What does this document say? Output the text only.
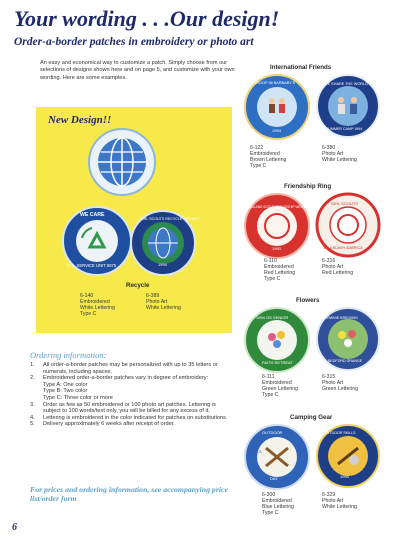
Your wording . . .Our design!
Order-a-border patches in embroidery or photo art
An easy and economical way to customize a patch. Simply choose from our selections of designs shown here and on page 5, and customize with your own wording. Here are some examples.
New Design!!
WE CARE
G.S. SERVICE UNIT 6875
GIRL SCOUTS RECYCLE PROJECT
1994
Recycle
6-140
Embroidered
White Lettering
Type C
6-389
Photo Art
White Lettering
International Friends
TROOP 36 BARNABY'S
1994
WE SHARE THE WORLD
SUMMER CAMP 1994
6-122
Embroidered
Brown Lettering
Type C
6-380
Photo Art
White Lettering
Friendship Ring
MIDLAND SCOUT FRIENDSHIP WEEKEND
1993
GIRL SCOUTS
BE A BUDDY AMERICA
6-110
Embroidered
Red Lettering
Type C
6-316
Photo Art
Red Lettering
Flowers
1994 GS SENIOR
FAITH RETREAT
BROWNIE BRIDGING
BEDFORD GRANGE
6-111
Embroidered
Green Lettering
Type C
6-315
Photo Art
Green Lettering
Camping Gear
OUTDOOR
SKILLS
DAY
OUTDOOR SKILLS
1994
6-300
Embroidered
Blue Lettering
Type C
6-329
Photo Art
White Lettering
Ordering information:
1. All order-a-border patches may be personalized with up to 35 letters or numerals, including spaces.
2. Embroidered order-a-border patches vary in degree of embroidery:
Type A: One color
Type B: Two color
Type C: Three color or more
3. Order as few as 50 embroidered or 100 photo art patches. Lettering is subject to 100 words/text only, you will be billed for any excess of it.
4. Lettering is embroidered in the color indicated for patches on substitutions.
5. Delivery approximately 6 weeks after receipt of order.
For prices and ordering information, see accompanying price list/order form
6
